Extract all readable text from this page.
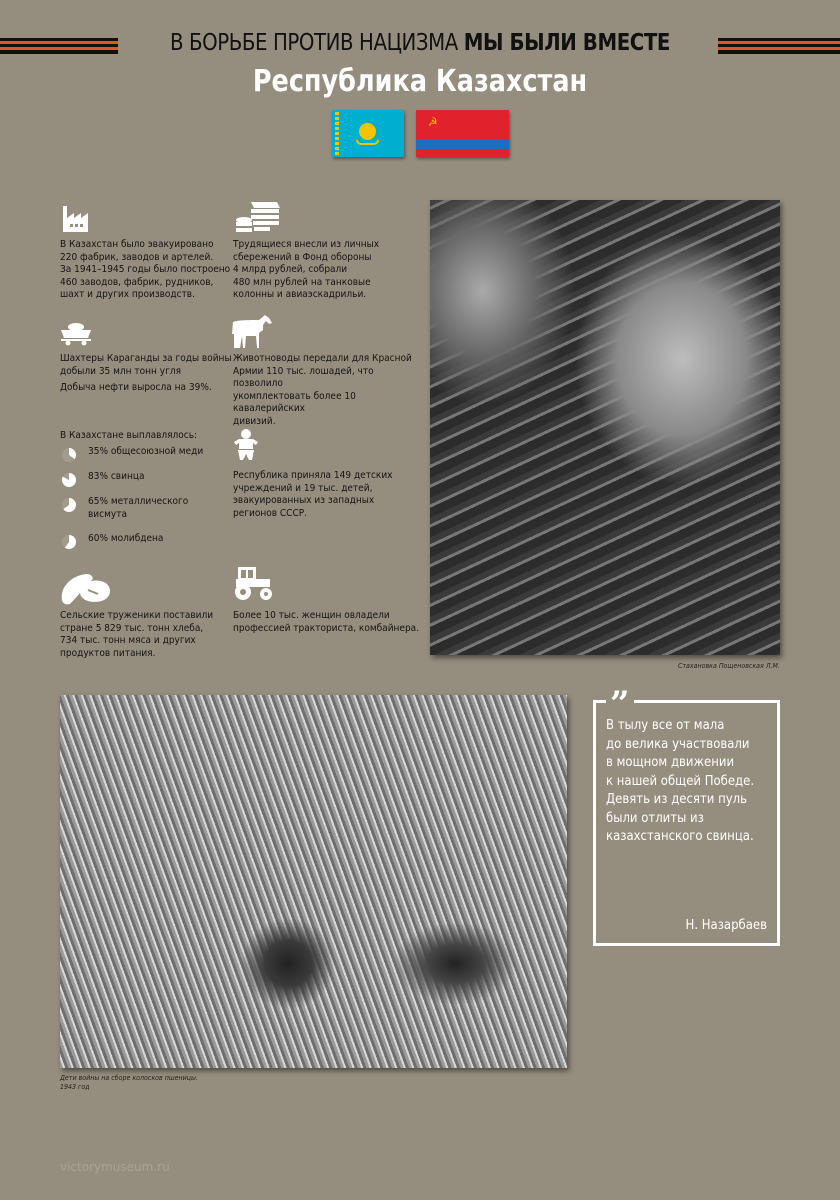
В БОРЬБЕ ПРОТИВ НАЦИЗМА МЫ БЫЛИ ВМЕСТЕ
Республика Казахстан
☭
В Казахстан было эвакуировано
220 фабрик, заводов и артелей.
За 1941–1945 годы было построено
460 заводов, фабрик, рудников,
шахт и других производств.
Трудящиеся внесли из личных
сбережений в Фонд обороны
4 млрд рублей, собрали
480 млн рублей на танковые
колонны и авиаэскадрильи.
Шахтеры Караганды за годы войны
добыли 35 млн тонн угля
Добыча нефти выросла на 39%.
Животноводы передали для Красной
Армии 110 тыс. лошадей, что позволило
укомплектовать более 10 кавалерийских
дивизий.
В Казахстане выплавлялось:
35% общесоюзной меди
83% свинца
65% металлического
висмута
60% молибдена
Республика приняла 149 детских
учреждений и 19 тыс. детей,
эвакуированных из западных
регионов СССР.
Сельские труженики поставили
стране 5 829 тыс. тонн хлеба,
734 тыс. тонн мяса и других
продуктов питания.
Более 10 тыс. женщин овладели
профессией тракториста, комбайнера.
Стахановка Пощеновская Л.М.
Дети войны на сборе колосков пшеницы.
1943 год
”

В тылу все от мала
до велика участвовали
в мощном движении
к нашей общей Победе.
Девять из десяти пуль
были отлиты из
казахстанского свинца.

Н. Назарбаев
victorymuseum.ru
